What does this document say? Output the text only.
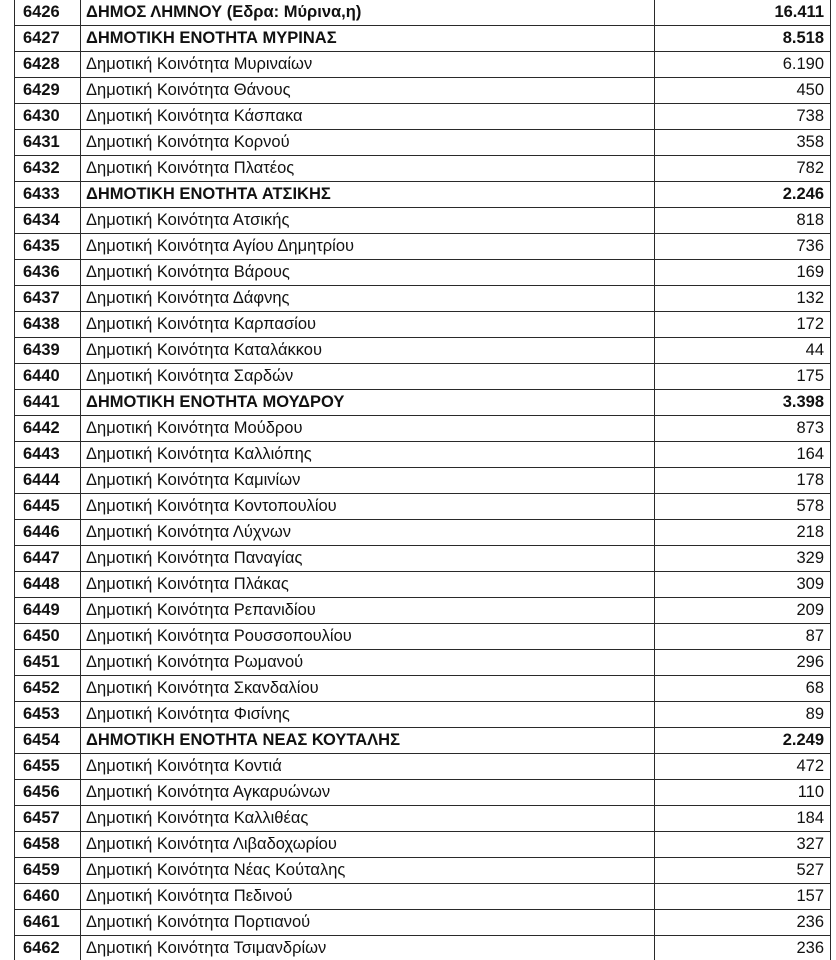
6426	ΔΗΜΟΣ ΛΗΜΝΟΥ (Εδρα: Μύρινα,η)	16.411
6427	ΔΗΜΟΤΙΚΗ ΕΝΟΤΗΤΑ ΜΥΡΙΝΑΣ	8.518
6428	Δημοτική Κοινότητα Μυριναίων	6.190
6429	Δημοτική Κοινότητα Θάνους	450
6430	Δημοτική Κοινότητα Κάσπακα	738
6431	Δημοτική Κοινότητα Κορνού	358
6432	Δημοτική Κοινότητα Πλατέος	782
6433	ΔΗΜΟΤΙΚΗ ΕΝΟΤΗΤΑ ΑΤΣΙΚΗΣ	2.246
6434	Δημοτική Κοινότητα Ατσικής	818
6435	Δημοτική Κοινότητα Αγίου Δημητρίου	736
6436	Δημοτική Κοινότητα Βάρους	169
6437	Δημοτική Κοινότητα Δάφνης	132
6438	Δημοτική Κοινότητα Καρπασίου	172
6439	Δημοτική Κοινότητα Καταλάκκου	44
6440	Δημοτική Κοινότητα Σαρδών	175
6441	ΔΗΜΟΤΙΚΗ ΕΝΟΤΗΤΑ ΜΟΥΔΡΟΥ	3.398
6442	Δημοτική Κοινότητα Μούδρου	873
6443	Δημοτική Κοινότητα Καλλιόπης	164
6444	Δημοτική Κοινότητα Καμινίων	178
6445	Δημοτική Κοινότητα Κοντοπουλίου	578
6446	Δημοτική Κοινότητα Λύχνων	218
6447	Δημοτική Κοινότητα Παναγίας	329
6448	Δημοτική Κοινότητα Πλάκας	309
6449	Δημοτική Κοινότητα Ρεπανιδίου	209
6450	Δημοτική Κοινότητα Ρουσσοπουλίου	87
6451	Δημοτική Κοινότητα Ρωμανού	296
6452	Δημοτική Κοινότητα Σκανδαλίου	68
6453	Δημοτική Κοινότητα Φισίνης	89
6454	ΔΗΜΟΤΙΚΗ ΕΝΟΤΗΤΑ ΝΕΑΣ ΚΟΥΤΑΛΗΣ	2.249
6455	Δημοτική Κοινότητα Κοντιά	472
6456	Δημοτική Κοινότητα Αγκαρυώνων	110
6457	Δημοτική Κοινότητα Καλλιθέας	184
6458	Δημοτική Κοινότητα Λιβαδοχωρίου	327
6459	Δημοτική Κοινότητα Νέας Κούταλης	527
6460	Δημοτική Κοινότητα Πεδινού	157
6461	Δημοτική Κοινότητα Πορτιανού	236
6462	Δημοτική Κοινότητα Τσιμανδρίων	236
